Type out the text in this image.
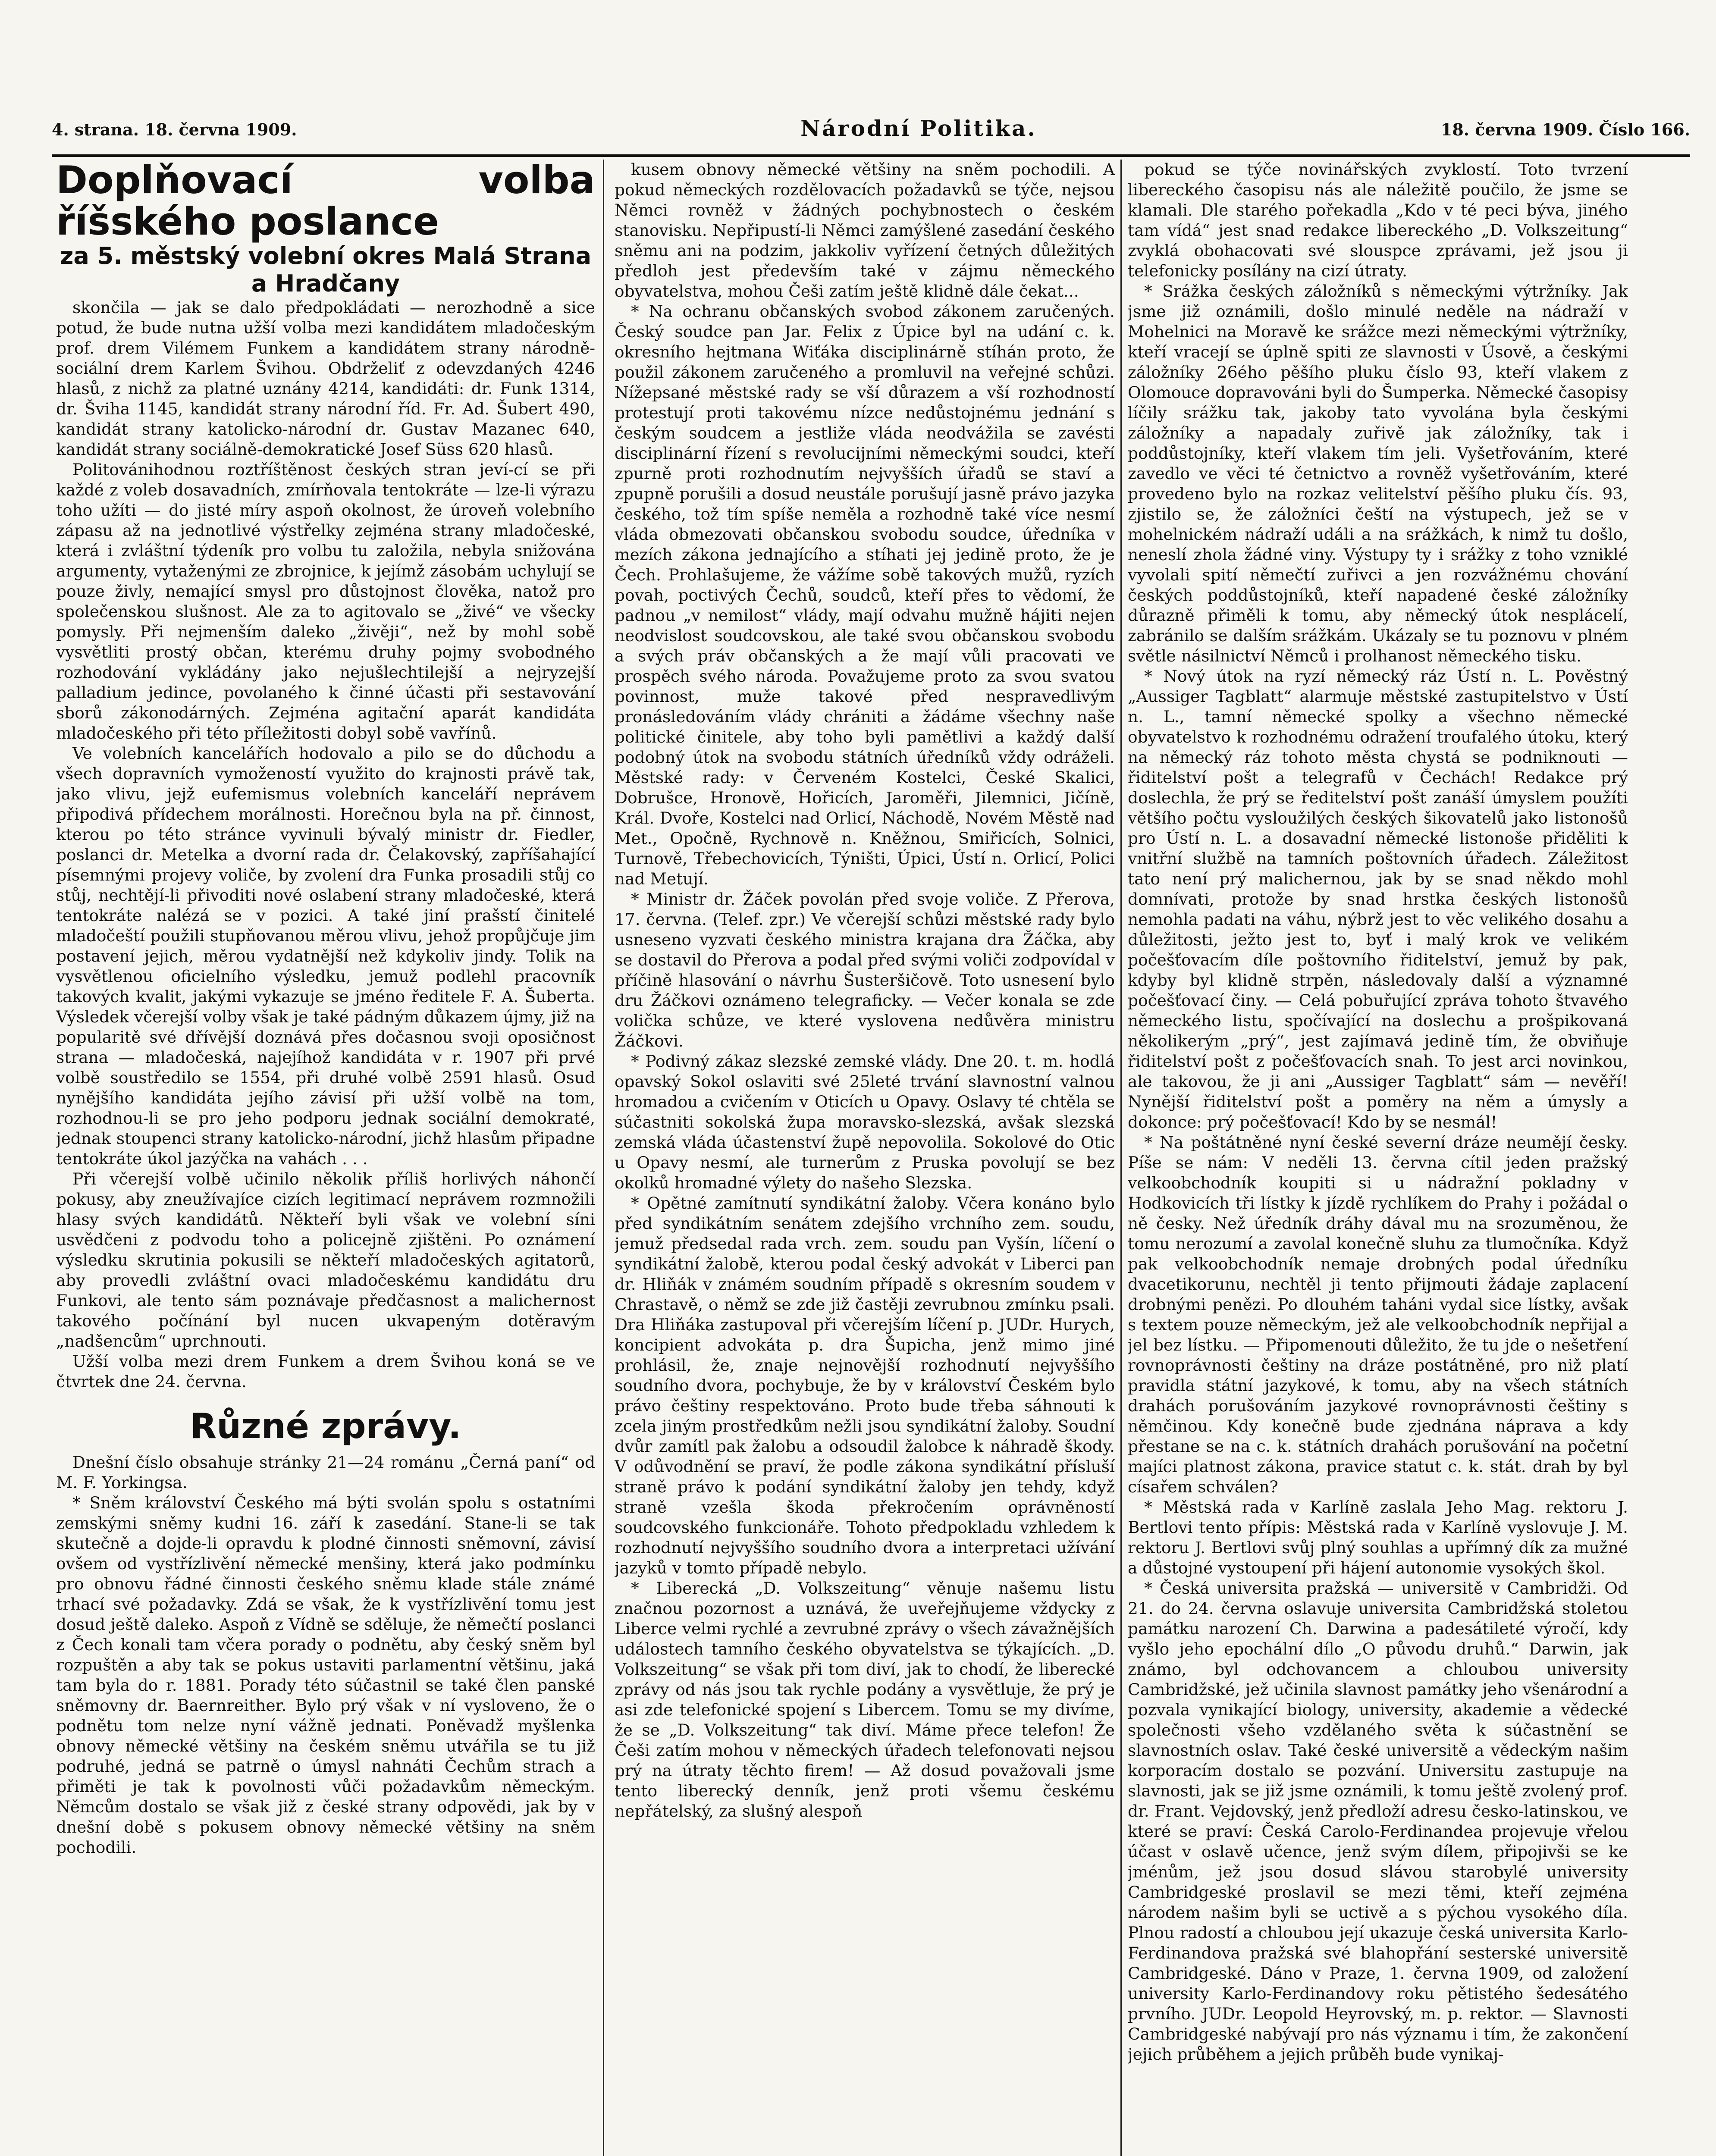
4. strana. 18. června 1909.	Národní Politika.	18. června 1909. Číslo 166.
Doplňovací volba říšského poslance
za 5. městský volební okres Malá Strana a Hradčany

skončila — jak se dalo předpokládati — nerozhodně a sice potud, že bude nutna užší volba mezi kandidátem mladočeským prof. drem Vilémem Funkem a kandidátem strany národně-sociální drem Karlem Švihou. Obdrželiť z odevzdaných 4246 hlasů, z nichž za platné uznány 4214, kandidáti: dr. Funk 1314, dr. Šviha 1145, kandidát strany národní říd. Fr. Ad. Šubert 490, kandidát strany katolicko-národní dr. Gustav Mazanec 640, kandidát strany sociálně-demokratické Josef Süss 620 hlasů.

Politovánihodnou roztříštěnost českých stran jeví-cí se při každé z voleb dosavadních, zmírňovala tentokráte — lze-li výrazu toho užíti — do jisté míry aspoň okolnost, že úroveň volebního zápasu až na jednotlivé výstřelky zejména strany mladočeské, která i zvláštní týdeník pro volbu tu založila, nebyla snižována argumenty, vytaženými ze zbrojnice, k jejímž zásobám uchylují se pouze živly, nemající smysl pro důstojnost člověka, natož pro společenskou slušnost. Ale za to agitovalo se „živé“ ve všecky pomysly. Při nejmenším daleko „živěji“, než by mohl sobě vysvětliti prostý občan, kterému druhy pojmy svobodného rozhodování vykládány jako nejušlechtilejší a nejryzejší palladium jedince, povolaného k činné účasti při sestavování sborů zákonodárných. Zejména agitační aparát kandidáta mladočeského při této příležitosti dobyl sobě vavřínů.

Ve volebních kancelářích hodovalo a pilo se do důchodu a všech dopravních vymožeností využito do krajnosti právě tak, jako vlivu, jejž eufemismus volebních kanceláří neprávem připodivá přídechem morálnosti. Horečnou byla na př. činnost, kterou po této stránce vyvinuli bývalý ministr dr. Fiedler, poslanci dr. Metelka a dvorní rada dr. Čelakovský, zapříšahající písemnými projevy voliče, by zvolení dra Funka prosadili stůj co stůj, nechtějí-li přivoditi nové oslabení strany mladočeské, která tentokráte nalézá se v pozici. A také jiní prašstí činitelé mladočeští použili stupňovanou měrou vlivu, jehož propůjčuje jim postavení jejich, měrou vydatnější než kdykoliv jindy. Tolik na vysvětlenou oficielního výsledku, jemuž podlehl pracovník takových kvalit, jakými vykazuje se jméno ředitele F. A. Šuberta. Výsledek včerejší volby však je také pádným důkazem újmy, již na popularitě své dřívější doznává přes dočasnou svoji oposičnost strana — mladočeská, najejíhož kandidáta v r. 1907 při prvé volbě soustředilo se 1554, při druhé volbě 2591 hlasů. Osud nynějšího kandidáta jejího závisí při užší volbě na tom, rozhodnou-li se pro jeho podporu jednak sociální demokraté, jednak stoupenci strany katolicko-národní, jichž hlasům připadne tentokráte úkol jazýčka na vahách . . .

Při včerejší volbě učinilo několik příliš horlivých náhončí pokusy, aby zneužívajíce cizích legitimací neprávem rozmnožili hlasy svých kandidátů. Někteří byli však ve volební síni usvědčeni z podvodu toho a policejně zjištěni. Po oznámení výsledku skrutinia pokusili se někteří mladočeských agitatorů, aby provedli zvláštní ovaci mladočeskému kandidátu dru Funkovi, ale tento sám poznávaje předčasnost a malichernost takového počínání byl nucen ukvapeným dotěravým „nadšencům“ uprchnouti.

Užší volba mezi drem Funkem a drem Švihou koná se ve čtvrtek dne 24. června.

Různé zprávy.

Dnešní číslo obsahuje stránky 21—24 románu „Černá paní“ od M. F. Yorkingsa.

* Sněm království Českého má býti svolán spolu s ostatními zemskými sněmy kudni 16. září k zasedání. Stane-li se tak skutečně a dojde-li opravdu k plodné činnosti sněmovní, závisí ovšem od vystřízlivění německé menšiny, která jako podmínku pro obnovu řádné činnosti českého sněmu klade stále známé trhací své požadavky. Zdá se však, že k vystřízlivění tomu jest dosud ještě daleko. Aspoň z Vídně se sděluje, že němečtí poslanci z Čech konali tam včera porady o podnětu, aby český sněm byl rozpuštěn a aby tak se pokus ustaviti parlamentní většinu, jaká tam byla do r. 1881. Porady této súčastnil se také člen panské sněmovny dr. Baernreither. Bylo prý však v ní vysloveno, že o podnětu tom nelze nyní vážně jednati. Poněvadž myšlenka obnovy německé většiny na českém sněmu utvářila se tu již podruhé, jedná se patrně o úmysl nahnáti Čechům strach a přiměti je tak k povolnosti vůči požadavkům německým. Němcům dostalo se však již z české strany odpovědi, jak by v dnešní době s pokusem obnovy německé většiny na sněm pochodili.

kusem obnovy německé většiny na sněm pochodili. A pokud německých rozdělovacích požadavků se týče, nejsou Němci rovněž v žádných pochybnostech o českém stanovisku. Nepřipustí-li Němci zamýšlené zasedání českého sněmu ani na podzim, jakkoliv vyřízení četných důležitých předloh jest především také v zájmu německého obyvatelstva, mohou Češi zatím ještě klidně dále čekat...

* Na ochranu občanských svobod zákonem zaručených. Český soudce pan Jar. Felix z Úpice byl na udání c. k. okresního hejtmana Wiťáka disciplinárně stíhán proto, že použil zákonem zaručeného a promluvil na veřejné schůzi. Nížepsané městské rady se vší důrazem a vší rozhodností protestují proti takovému nízce nedůstojnému jednání s českým soudcem a jestliže vláda neodvážila se zavésti disciplinární řízení s revolucijními německými soudci, kteří zpurně proti rozhodnutím nejvyšších úřadů se staví a zpupně porušili a dosud neustále porušují jasně právo jazyka českého, tož tím spíše neměla a rozhodně také více nesmí vláda obmezovati občanskou svobodu soudce, úředníka v mezích zákona jednajícího a stíhati jej jedině proto, že je Čech. Prohlašujeme, že vážíme sobě takových mužů, ryzích povah, poctivých Čechů, soudců, kteří přes to vědomí, že padnou „v nemilost“ vlády, mají odvahu mužně hájiti nejen neodvislost soudcovskou, ale také svou občanskou svobodu a svých práv občanských a že mají vůli pracovati ve prospěch svého národa. Považujeme proto za svou svatou povinnost, muže takové před nespravedlivým pronásledováním vlády chrániti a žádáme všechny naše politické činitele, aby toho byli pamětlivi a každý další podobný útok na svobodu státních úředníků vždy odráželi. Městské rady: v Červeném Kostelci, České Skalici, Dobrušce, Hronově, Hořicích, Jaroměři, Jilemnici, Jičíně, Král. Dvoře, Kostelci nad Orlicí, Náchodě, Novém Městě nad Met., Opočně, Rychnově n. Kněžnou, Smiřicích, Solnici, Turnově, Třebechovicích, Týništi, Úpici, Ústí n. Orlicí, Polici nad Metují.

* Ministr dr. Žáček povolán před svoje voliče. Z Přerova, 17. června. (Telef. zpr.) Ve včerejší schůzi městské rady bylo usneseno vyzvati českého ministra krajana dra Žáčka, aby se dostavil do Přerova a podal před svými voliči zodpovídal v příčině hlasování o návrhu Šusteršičově. Toto usnesení bylo dru Žáčkovi oznámeno telegraficky. — Večer konala se zde volička schůze, ve které vyslovena nedůvěra ministru Žáčkovi.

* Podivný zákaz slezské zemské vlády. Dne 20. t. m. hodlá opavský Sokol oslaviti své 25leté trvání slavnostní valnou hromadou a cvičením v Oticích u Opavy. Oslavy té chtěla se súčastniti sokolská župa moravsko-slezská, avšak slezská zemská vláda účastenství župě nepovolila. Sokolové do Otic u Opavy nesmí, ale turnerům z Pruska povolují se bez okolků hromadné výlety do našeho Slezska.

* Opětné zamítnutí syndikátní žaloby. Včera konáno bylo před syndikátním senátem zdejšího vrchního zem. soudu, jemuž předsedal rada vrch. zem. soudu pan Vyšín, líčení o syndikátní žalobě, kterou podal český advokát v Liberci pan dr. Hliňák v známém soudním případě s okresním soudem v Chrastavě, o němž se zde již častěji zevrubnou zmínku psali. Dra Hliňáka zastupoval při včerejším líčení p. JUDr. Hurych, koncipient advokáta p. dra Šupicha, jenž mimo jiné prohlásil, že, znaje nejnovější rozhodnutí nejvyššího soudního dvora, pochybuje, že by v království Českém bylo právo češtiny respektováno. Proto bude třeba sáhnouti k zcela jiným prostředkům nežli jsou syndikátní žaloby. Soudní dvůr zamítl pak žalobu a odsoudil žalobce k náhradě škody. V odůvodnění se praví, že podle zákona syndikátní přísluší straně právo k podání syndikátní žaloby jen tehdy, když straně vzešla škoda překročením oprávněností soudcovského funkcionáře. Tohoto předpokladu vzhledem k rozhodnutí nejvyššího soudního dvora a interpretaci užívání jazyků v tomto případě nebylo.

* Liberecká „D. Volkszeitung“ věnuje našemu listu značnou pozornost a uznává, že uveřejňujeme vždycky z Liberce velmi rychlé a zevrubné zprávy o všech závažnějších událostech tamního českého obyvatelstva se týkajících. „D. Volkszeitung“ se však při tom diví, jak to chodí, že liberecké zprávy od nás jsou tak rychle podány a vysvětluje, že prý je asi zde telefonické spojení s Libercem. Tomu se my divíme, že se „D. Volkszeitung“ tak diví. Máme přece telefon! Že Češi zatím mohou v německých úřadech telefonovati nejsou prý na útraty těchto firem! — Až dosud považovali jsme tento liberecký denník, jenž proti všemu českému nepřátelský, za slušný alespoň

pokud se týče novinářských zvyklostí. Toto tvrzení libereckého časopisu nás ale náležitě poučilo, že jsme se klamali. Dle starého pořekadla „Kdo v té peci býva, jiného tam vídá“ jest snad redakce libereckého „D. Volkszeitung“ zvyklá obohacovati své slouspce zprávami, jež jsou ji telefonicky posílány na cizí útraty.

* Srážka českých záložníků s německými výtržníky. Jak jsme již oznámili, došlo minulé neděle na nádraží v Mohelnici na Moravě ke srážce mezi německými výtržníky, kteří vracejí se úplně spiti ze slavnosti v Úsově, a českými záložníky 26ého pěšího pluku číslo 93, kteří vlakem z Olomouce dopravováni byli do Šumperka. Německé časopisy líčily srážku tak, jakoby tato vyvolána byla českými záložníky a napadaly zuřivě jak záložníky, tak i poddůstojníky, kteří vlakem tím jeli. Vyšetřováním, které zavedlo ve věci té četnictvo a rovněž vyšetřováním, které provedeno bylo na rozkaz velitelství pěšího pluku čís. 93, zjistilo se, že záložníci čeští na výstupech, jež se v mohelnickém nádraží událi a na srážkách, k nimž tu došlo, neneslí zhola žádné viny. Výstupy ty i srážky z toho vzniklé vyvolali spití němečtí zuřivci a jen rozvážnému chování českých poddůstojníků, kteří napadené české záložníky důrazně přiměli k tomu, aby německý útok nesplácelí, zabránilo se dalším srážkám. Ukázaly se tu poznovu v plném světle násilnictví Němců i prolhanost německého tisku.

* Nový útok na ryzí německý ráz Ústí n. L. Pověstný „Aussiger Tagblatt“ alarmuje městské zastupitelstvo v Ústí n. L., tamní německé spolky a všechno německé obyvatelstvo k rozhodnému odražení troufalého útoku, který na německý ráz tohoto města chystá se podniknouti — řiditelství pošt a telegrafů v Čechách! Redakce prý doslechla, že prý se ředitelství pošt zanáší úmyslem použíti většího počtu vysloužilých českých šikovatelů jako listonošů pro Ústí n. L. a dosavadní německé listonoše přiděliti k vnitřní službě na tamních poštovních úřadech. Záležitost tato není prý malichernou, jak by se snad někdo mohl domnívati, protože by snad hrstka českých listonošů nemohla padati na váhu, nýbrž jest to věc velikého dosahu a důležitosti, ježto jest to, byť i malý krok ve velikém počešťovacím díle poštovního řiditelství, jemuž by pak, kdyby byl klidně strpěn, následovaly další a významné počešťovací činy. — Celá pobuřující zpráva tohoto štvavého německého listu, spočívající na doslechu a prošpikovaná několikerým „prý“, jest zajímavá jedině tím, že obviňuje řiditelství pošt z počešťovacích snah. To jest arci novinkou, ale takovou, že ji ani „Aussiger Tagblatt“ sám — nevěří! Nynější řiditelství pošt a poměry na něm a úmysly a dokonce: prý počešťovací! Kdo by se nesmál!

* Na poštátněné nyní české severní dráze neumějí česky. Píše se nám: V neděli 13. června cítil jeden pražský velkoobchodník koupiti si u nádražní pokladny v Hodkovicích tři lístky k jízdě rychlíkem do Prahy i požádal o ně česky. Než úředník dráhy dával mu na srozuměnou, že tomu nerozumí a zavolal konečně sluhu za tlumočníka. Když pak velkoobchodník nemaje drobných podal úředníku dvacetikorunu, nechtěl ji tento přijmouti žádaje zaplacení drobnými penězi. Po dlouhém taháni vydal sice lístky, avšak s textem pouze německým, jež ale velkoobchodník nepřijal a jel bez lístku. — Připomenouti důležito, že tu jde o nešetření rovnoprávnosti češtiny na dráze postátněné, pro niž platí pravidla státní jazykové, k tomu, aby na všech státních drahách porušováním jazykové rovnoprávnosti češtiny s němčinou. Kdy konečně bude zjednána náprava a kdy přestane se na c. k. státních drahách porušování na početní majíci platnost zákona, pravice statut c. k. stát. drah by byl císařem schválen?

* Městská rada v Karlíně zaslala Jeho Mag. rektoru J. Bertlovi tento přípis: Městská rada v Karlíně vyslovuje J. M. rektoru J. Bertlovi svůj plný souhlas a upřímný dík za mužné a důstojné vystoupení při hájení autonomie vysokých škol.

* Česká universita pražská — universitě v Cambridži. Od 21. do 24. června oslavuje universita Cambridžská stoletou památku narození Ch. Darwina a padesátileté výročí, kdy vyšlo jeho epochální dílo „O původu druhů.“ Darwin, jak známo, byl odchovancem a chloubou university Cambridžské, jež učinila slavnost památky jeho všenárodní a pozvala vynikající biology, university, akademie a vědecké společnosti všeho vzdělaného světa k súčastnění se slavnostních oslav. Také české universitě a vědeckým našim korporacím dostalo se pozvání. Universitu zastupuje na slavnosti, jak se již jsme oznámili, k tomu ještě zvolený prof. dr. Frant. Vejdovský, jenž předloží adresu česko-latinskou, ve které se praví: Česká Carolo-Ferdinandea projevuje vřelou účast v oslavě učence, jenž svým dílem, připojivši se ke jménům, jež jsou dosud slávou starobylé university Cambridgeské proslavil se mezi těmi, kteří zejména národem našim byli se uctivě a s pýchou vysokého díla. Plnou radostí a chloubou její ukazuje česká universita Karlo-Ferdinandova pražská své blahopřání sesterské universitě Cambridgeské. Dáno v Praze, 1. června 1909, od založení university Karlo-Ferdinandovy roku pětistého šedesátého prvního. JUDr. Leopold Heyrovský, m. p. rektor. — Slavnosti Cambridgeské nabývají pro nás významu i tím, že zakončení jejich průběhem a jejich průběh bude vynikaj-
